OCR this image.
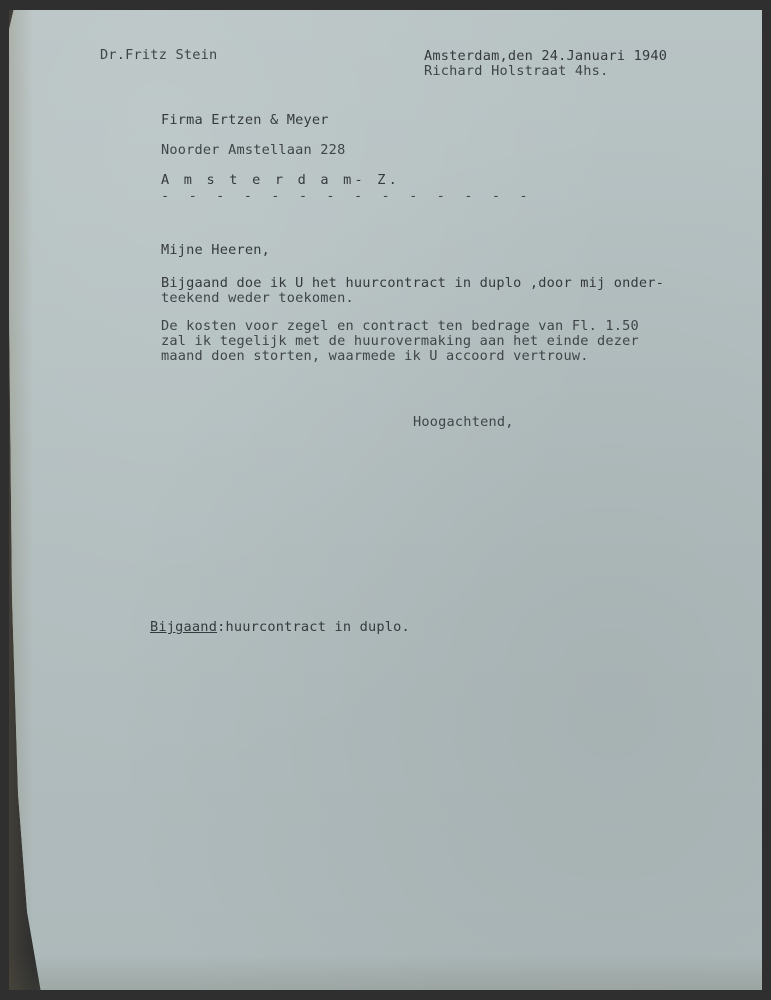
Dr.Fritz Stein	Amsterdam,den 24.Januari 1940

Richard Holstraat 4hs.

Firma Ertzen & Meyer

Noorder Amstellaan 228

A m s t e r d a m- Z.

- - - - - - - - - - - - - -

Mijne Heeren,

Bijgaand doe ik U het huurcontract in duplo ,door mij onder-

teekend weder toekomen.

De kosten voor zegel en contract ten bedrage van Fl. 1.50

zal ik tegelijk met de huurovermaking aan het einde dezer

maand doen storten, waarmede ik U accoord vertrouw.

Hoogachtend,

Bijgaand:huurcontract in duplo.
